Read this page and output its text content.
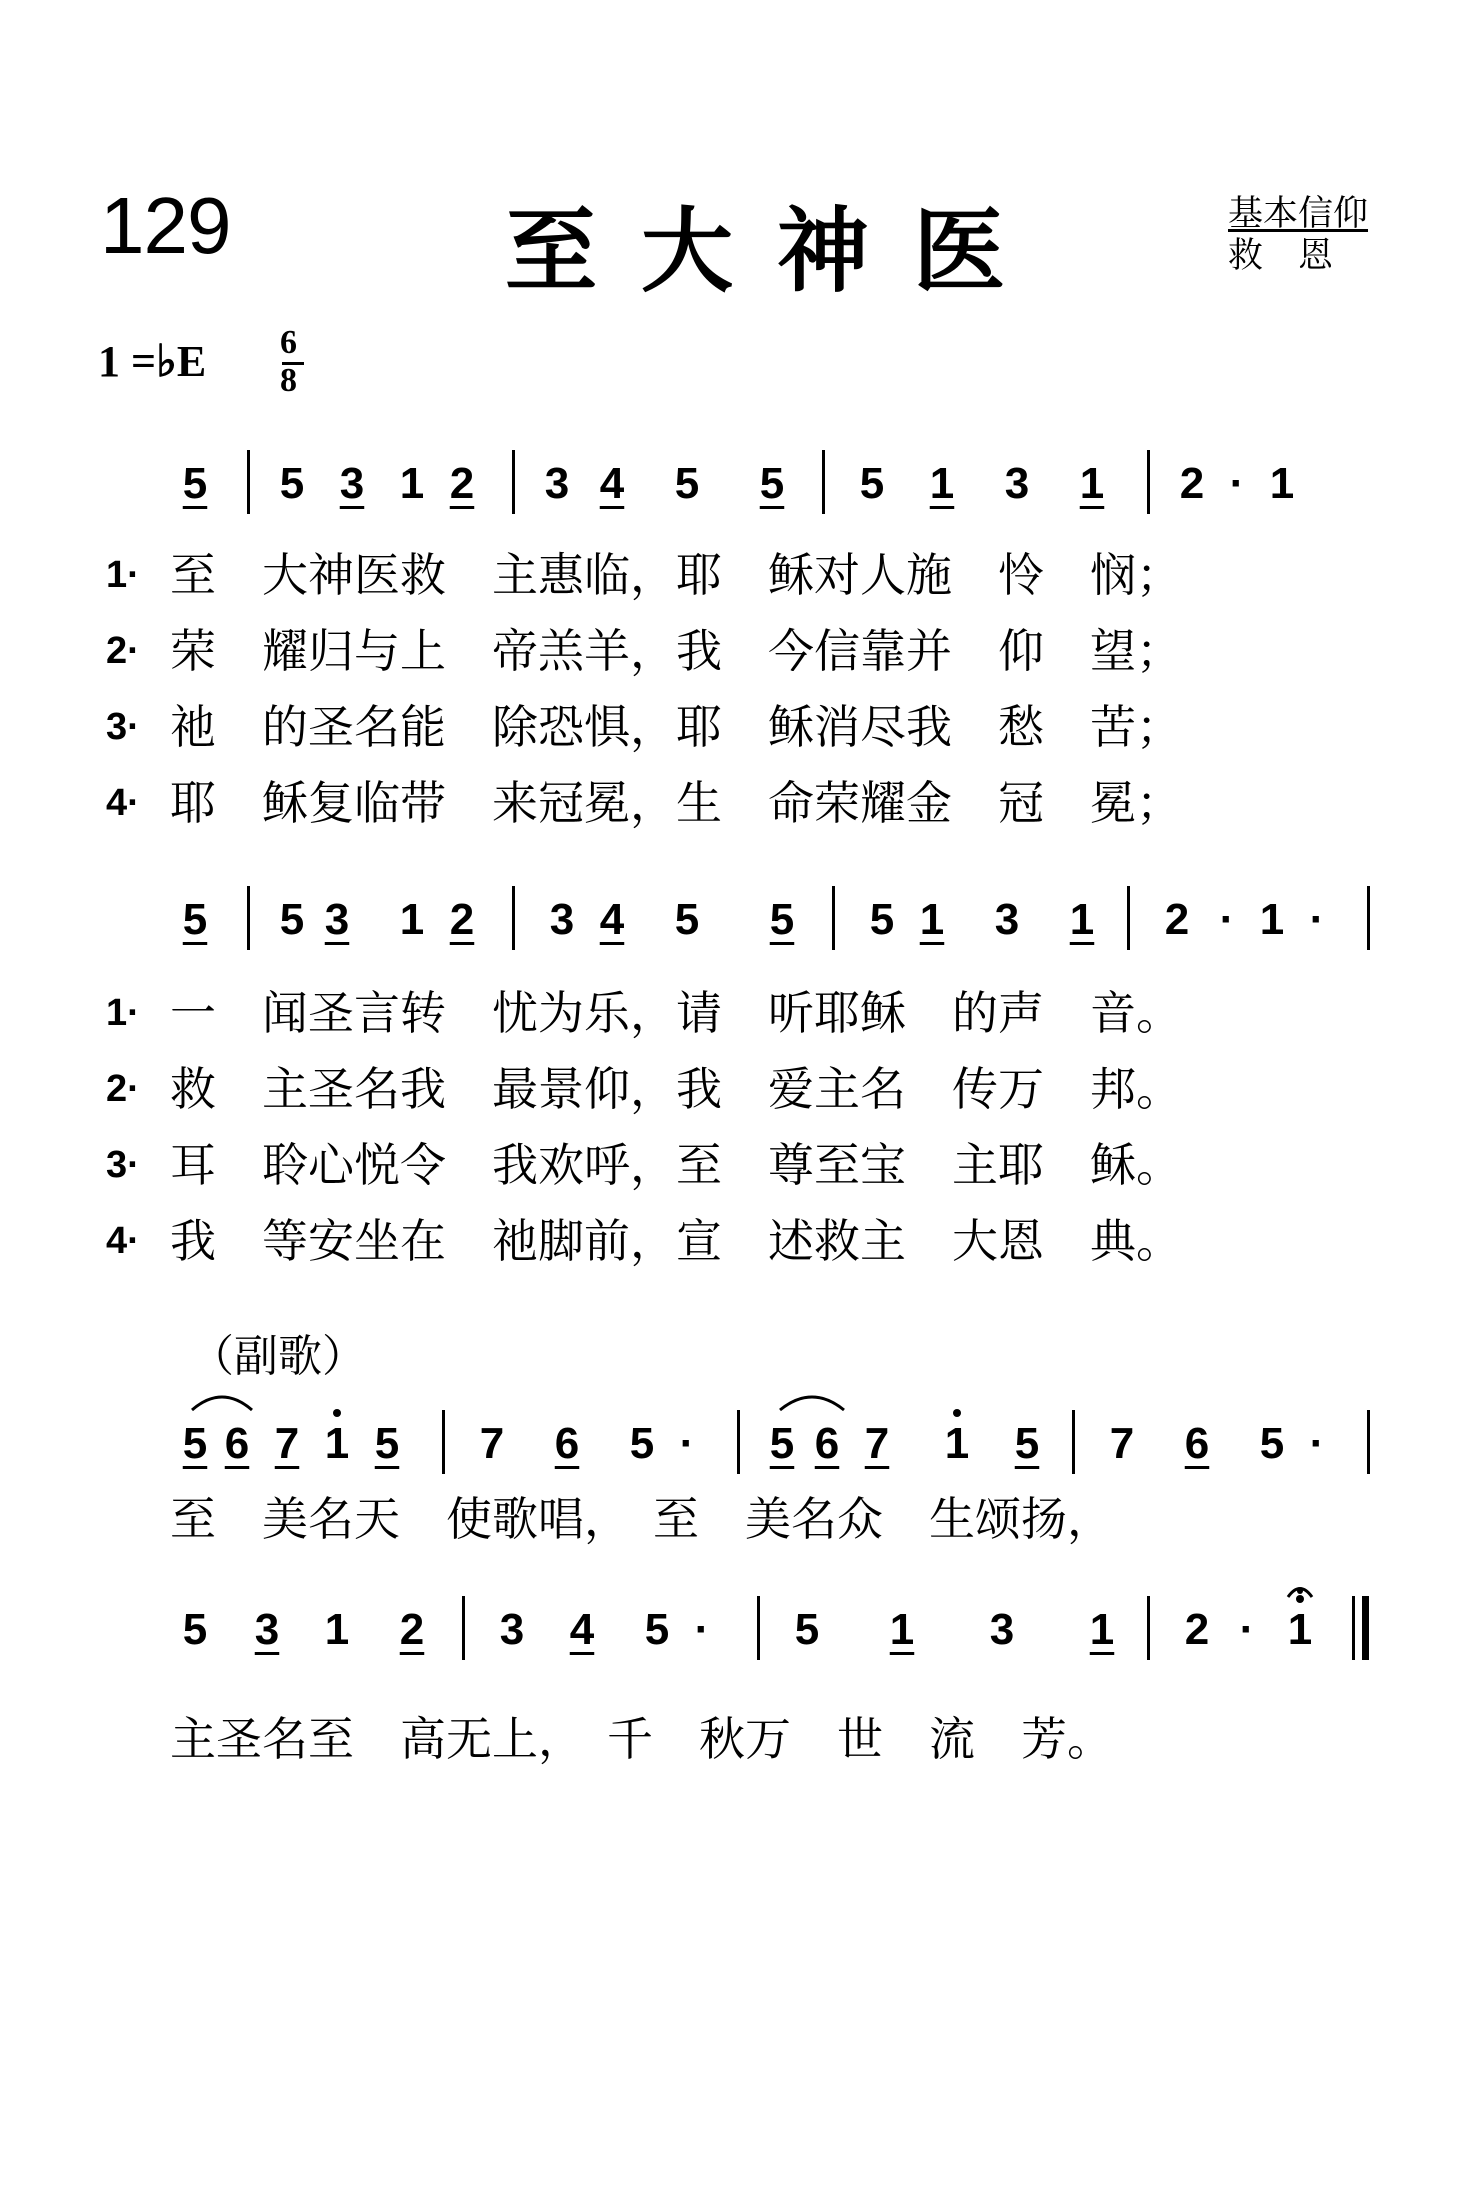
129	至大神医	基本信仰
救　恩
1 =♭E 6
8
5 5 3 1 2 3 4 5 5 5 1 3 1 2 · 1
1·
2·
3·
4·
至　大神医救　主惠临，耶　稣对人施　怜　悯；
荣　耀归与上　帝羔羊，我　今信靠并　仰　望；
祂　的圣名能　除恐惧，耶　稣消尽我　愁　苦；
耶　稣复临带　来冠冕，生　命荣耀金　冠　冕；
5 5 3 1 2 3 4 5 5 5 1 3 1 2 · 1 ·
1·
2·
3·
4·
一　闻圣言转　忧为乐，请　听耶稣　的声　音。
救　主圣名我　最景仰，我　爱主名　传万　邦。
耳　聆心悦令　我欢呼，至　尊至宝　主耶　稣。
我　等安坐在　祂脚前，宣　述救主　大恩　典。
（副歌）
5 6 7 1 5 7 6 5 · 5 6 7 1 5 7 6 5 ·
至　美名天　使歌唱，　至　美名众　生颂扬，
5 3 1 2 3 4 5 · 5 1 3 1 2 · 1
主圣名至　高无上，　千　秋万　世　流　芳。
